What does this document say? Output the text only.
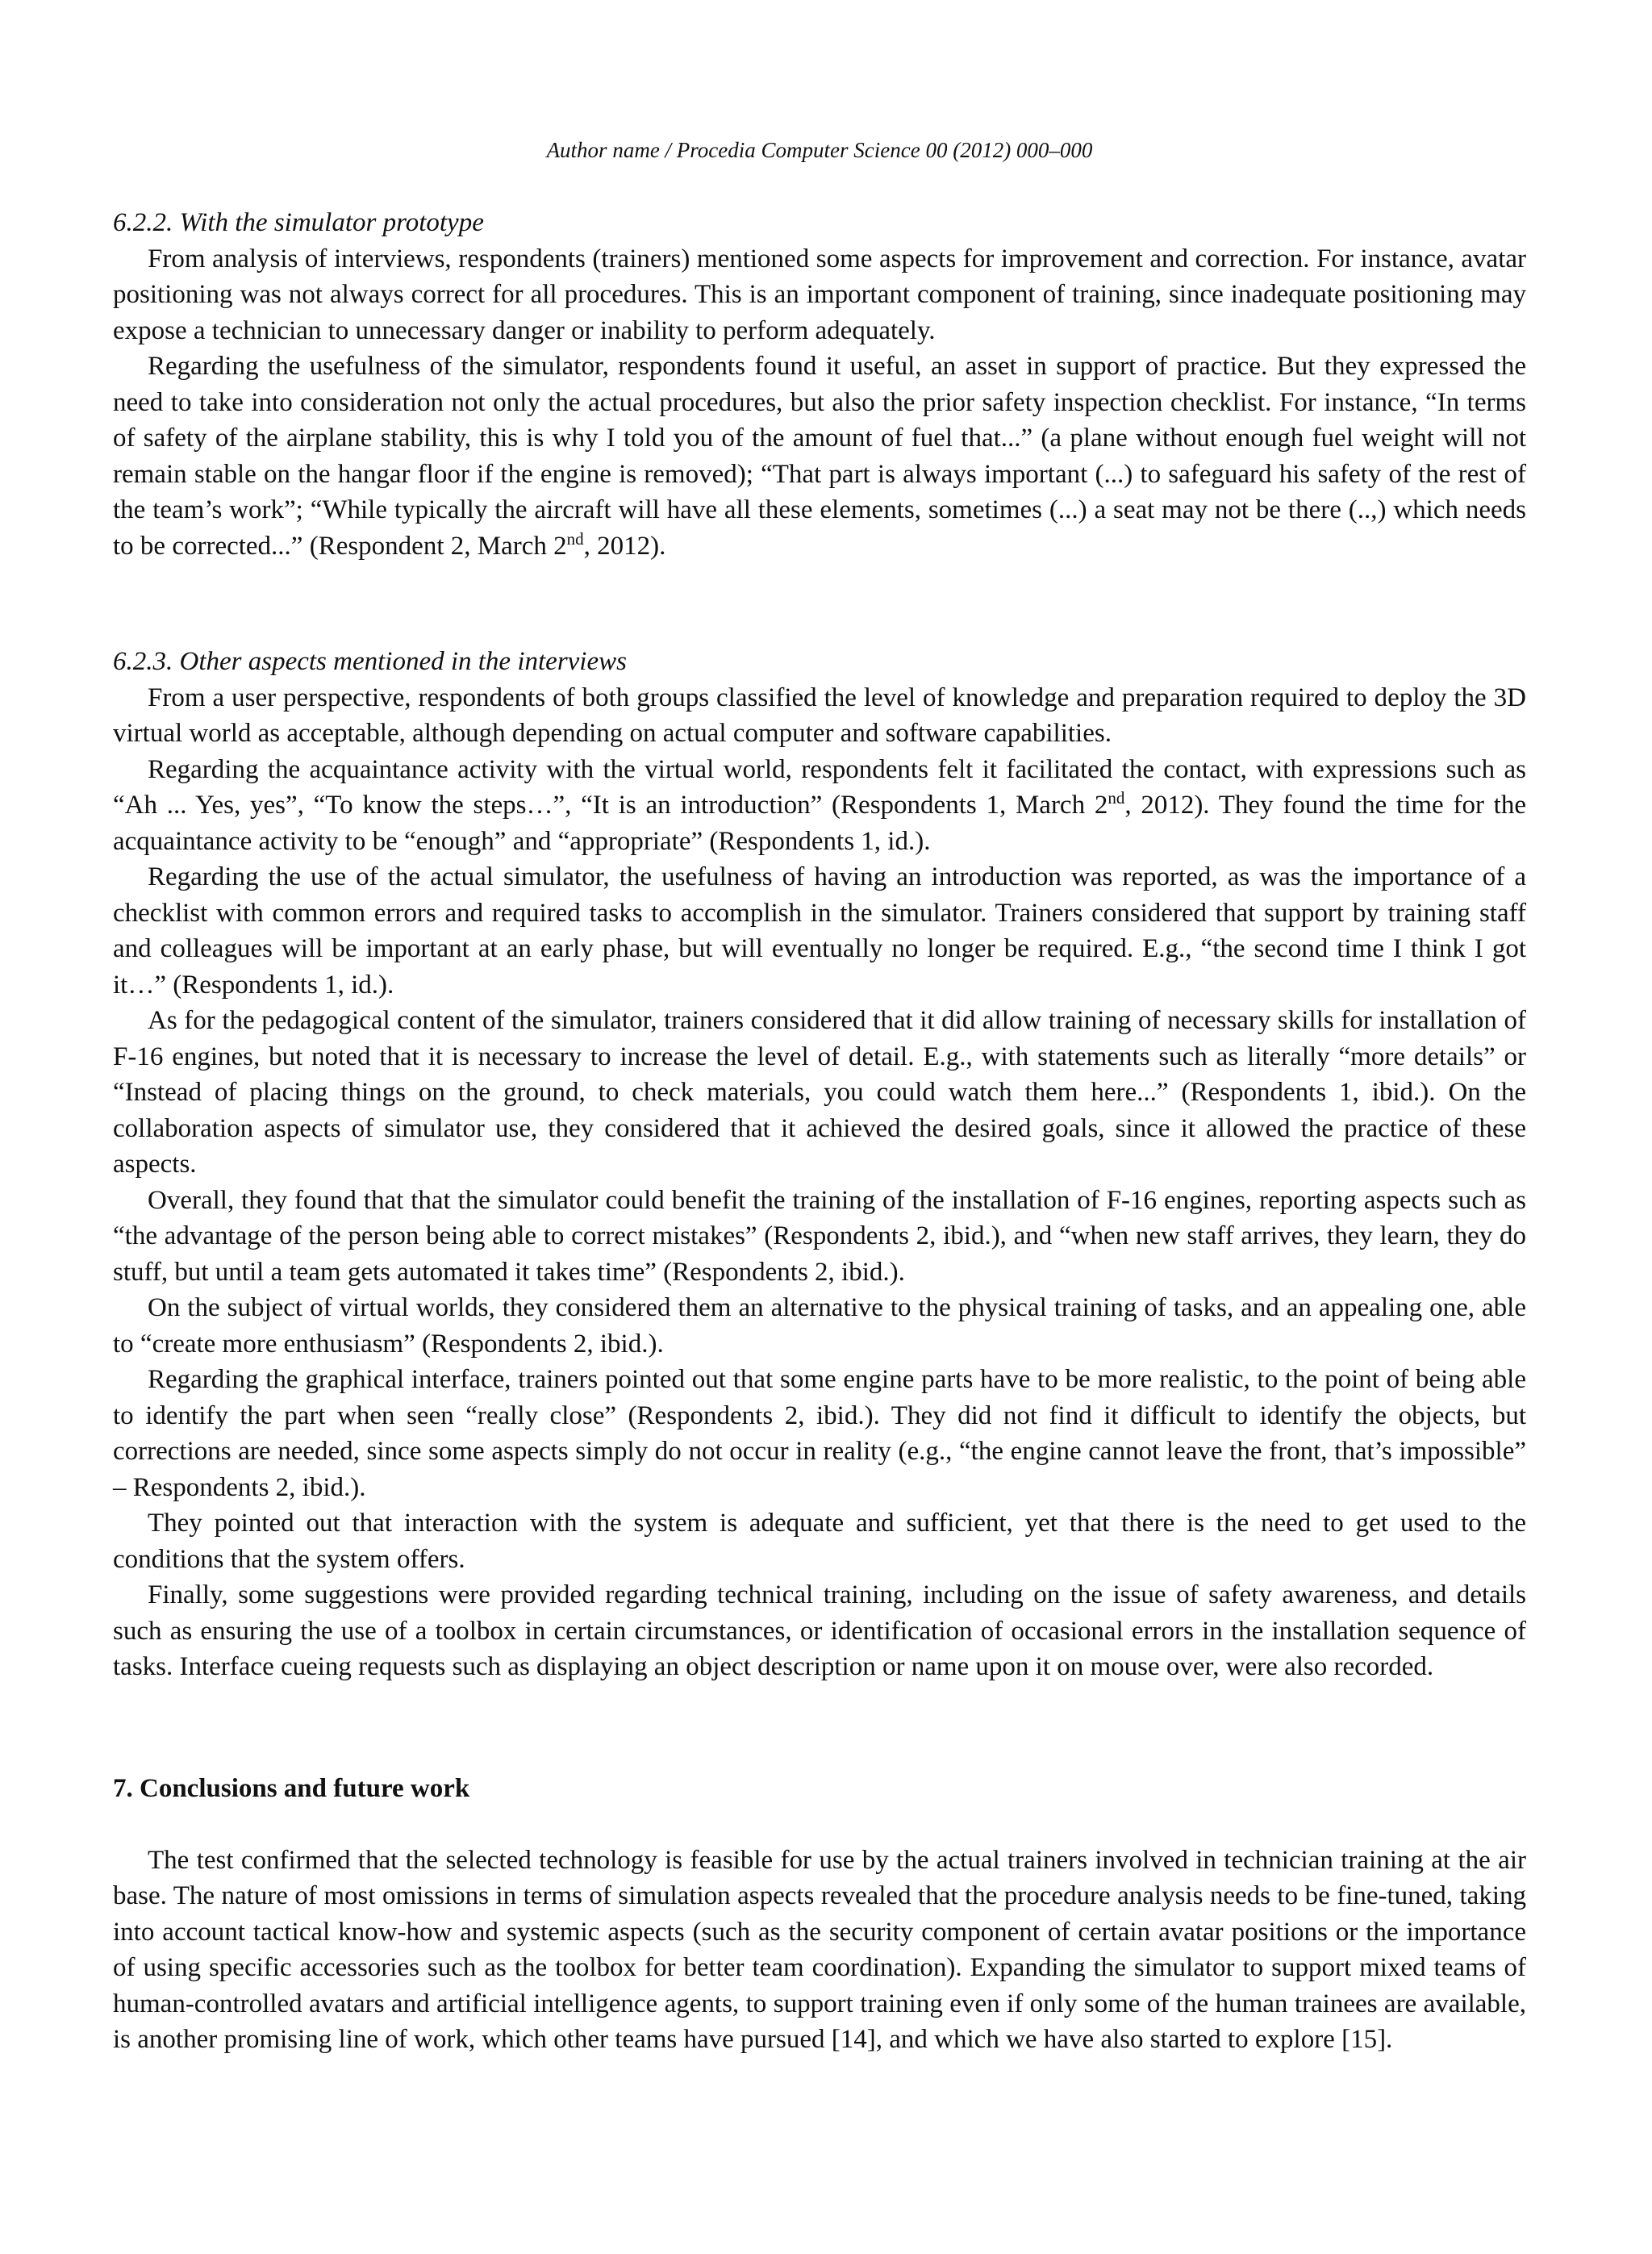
Author name / Procedia Computer Science 00 (2012) 000–000
6.2.2. With the simulator prototype

From analysis of interviews, respondents (trainers) mentioned some aspects for improvement and correction. For instance, avatar positioning was not always correct for all procedures. This is an important component of training, since inadequate positioning may expose a technician to unnecessary danger or inability to perform adequately.

Regarding the usefulness of the simulator, respondents found it useful, an asset in support of practice. But they expressed the need to take into consideration not only the actual procedures, but also the prior safety inspection checklist. For instance, “In terms of safety of the airplane stability, this is why I told you of the amount of fuel that...” (a plane without enough fuel weight will not remain stable on the hangar floor if the engine is removed); “That part is always important (...) to safeguard his safety of the rest of the team’s work”; “While typically the aircraft will have all these elements, sometimes (...) a seat may not be there (..,) which needs to be corrected...” (Respondent 2, March 2nd, 2012).

6.2.3. Other aspects mentioned in the interviews

From a user perspective, respondents of both groups classified the level of knowledge and preparation required to deploy the 3D virtual world as acceptable, although depending on actual computer and software capabilities.

Regarding the acquaintance activity with the virtual world, respondents felt it facilitated the contact, with expressions such as “Ah ... Yes, yes”, “To know the steps…”, “It is an introduction” (Respondents 1, March 2nd, 2012). They found the time for the acquaintance activity to be “enough” and “appropriate” (Respondents 1, id.).

Regarding the use of the actual simulator, the usefulness of having an introduction was reported, as was the importance of a checklist with common errors and required tasks to accomplish in the simulator. Trainers considered that support by training staff and colleagues will be important at an early phase, but will eventually no longer be required. E.g., “the second time I think I got it…” (Respondents 1, id.).

As for the pedagogical content of the simulator, trainers considered that it did allow training of necessary skills for installation of F-16 engines, but noted that it is necessary to increase the level of detail. E.g., with statements such as literally “more details” or “Instead of placing things on the ground, to check materials, you could watch them here...” (Respondents 1, ibid.). On the collaboration aspects of simulator use, they considered that it achieved the desired goals, since it allowed the practice of these aspects.

Overall, they found that that the simulator could benefit the training of the installation of F-16 engines, reporting aspects such as “the advantage of the person being able to correct mistakes” (Respondents 2, ibid.), and “when new staff arrives, they learn, they do stuff, but until a team gets automated it takes time” (Respondents 2, ibid.).

On the subject of virtual worlds, they considered them an alternative to the physical training of tasks, and an appealing one, able to “create more enthusiasm” (Respondents 2, ibid.).

Regarding the graphical interface, trainers pointed out that some engine parts have to be more realistic, to the point of being able to identify the part when seen “really close” (Respondents 2, ibid.). They did not find it difficult to identify the objects, but corrections are needed, since some aspects simply do not occur in reality (e.g., “the engine cannot leave the front, that’s impossible” – Respondents 2, ibid.).

They pointed out that interaction with the system is adequate and sufficient, yet that there is the need to get used to the conditions that the system offers.

Finally, some suggestions were provided regarding technical training, including on the issue of safety awareness, and details such as ensuring the use of a toolbox in certain circumstances, or identification of occasional errors in the installation sequence of tasks. Interface cueing requests such as displaying an object description or name upon it on mouse over, were also recorded.

7. Conclusions and future work

The test confirmed that the selected technology is feasible for use by the actual trainers involved in technician training at the air base. The nature of most omissions in terms of simulation aspects revealed that the procedure analysis needs to be fine-tuned, taking into account tactical know-how and systemic aspects (such as the security component of certain avatar positions or the importance of using specific accessories such as the toolbox for better team coordination). Expanding the simulator to support mixed teams of human-controlled avatars and artificial intelligence agents, to support training even if only some of the human trainees are available, is another promising line of work, which other teams have pursued [14], and which we have also started to explore [15].
